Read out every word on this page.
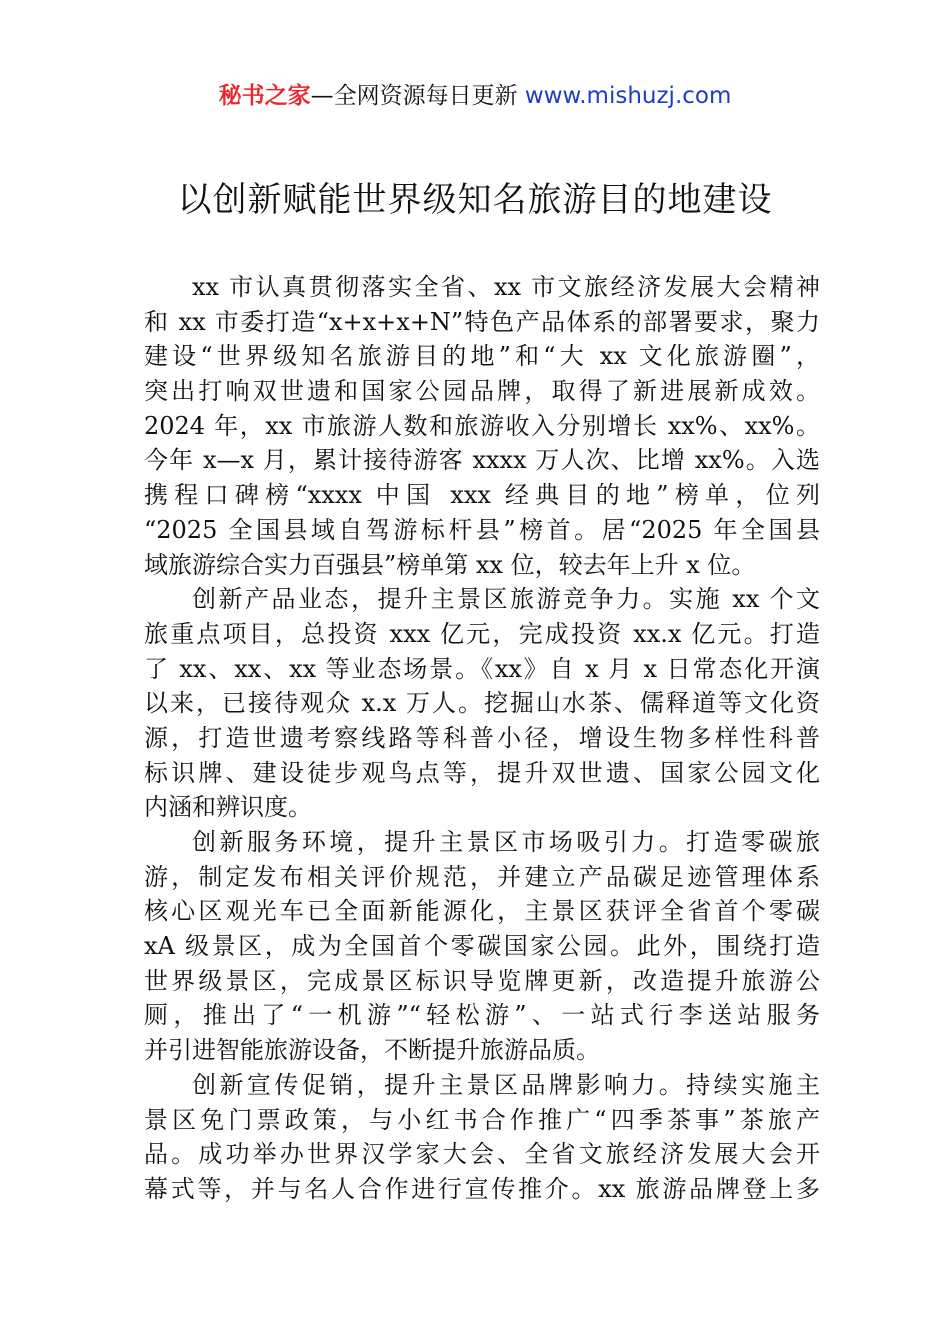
秘书之家—全网资源每日更新 www.mishuzj.com
以创新赋能世界级知名旅游目的地建设
xx 市认真贯彻落实全省、xx 市文旅经济发展大会精神
和 xx 市委打造“x+x+x+N”特色产品体系的部署要求，聚力
建设“世界级知名旅游目的地”和“大 xx 文化旅游圈”，
突出打响双世遗和国家公园品牌，取得了新进展新成效。
2024 年，xx 市旅游人数和旅游收入分别增长 xx%、xx%。
今年 x—x 月，累计接待游客 xxxx 万人次、比增 xx%。入选
携程口碑榜“xxxx 中国 xxx 经典目的地”榜单，位列
“2025 全国县域自驾游标杆县”榜首。居“2025 年全国县
域旅游综合实力百强县”榜单第 xx 位，较去年上升 x 位。
创新产品业态，提升主景区旅游竞争力。实施 xx 个文
旅重点项目，总投资 xxx 亿元，完成投资 xx.x 亿元。打造
了 xx、xx、xx 等业态场景。《xx》自 x 月 x 日常态化开演
以来，已接待观众 x.x 万人。挖掘山水茶、儒释道等文化资
源，打造世遗考察线路等科普小径，增设生物多样性科普
标识牌、建设徒步观鸟点等，提升双世遗、国家公园文化
内涵和辨识度。
创新服务环境，提升主景区市场吸引力。打造零碳旅
游，制定发布相关评价规范，并建立产品碳足迹管理体系
核心区观光车已全面新能源化，主景区获评全省首个零碳
xA 级景区，成为全国首个零碳国家公园。此外，围绕打造
世界级景区，完成景区标识导览牌更新，改造提升旅游公
厕，推出了“一机游”“轻松游”、一站式行李送站服务
并引进智能旅游设备，不断提升旅游品质。
创新宣传促销，提升主景区品牌影响力。持续实施主
景区免门票政策，与小红书合作推广“四季茶事”茶旅产
品。成功举办世界汉学家大会、全省文旅经济发展大会开
幕式等，并与名人合作进行宣传推介。xx 旅游品牌登上多
